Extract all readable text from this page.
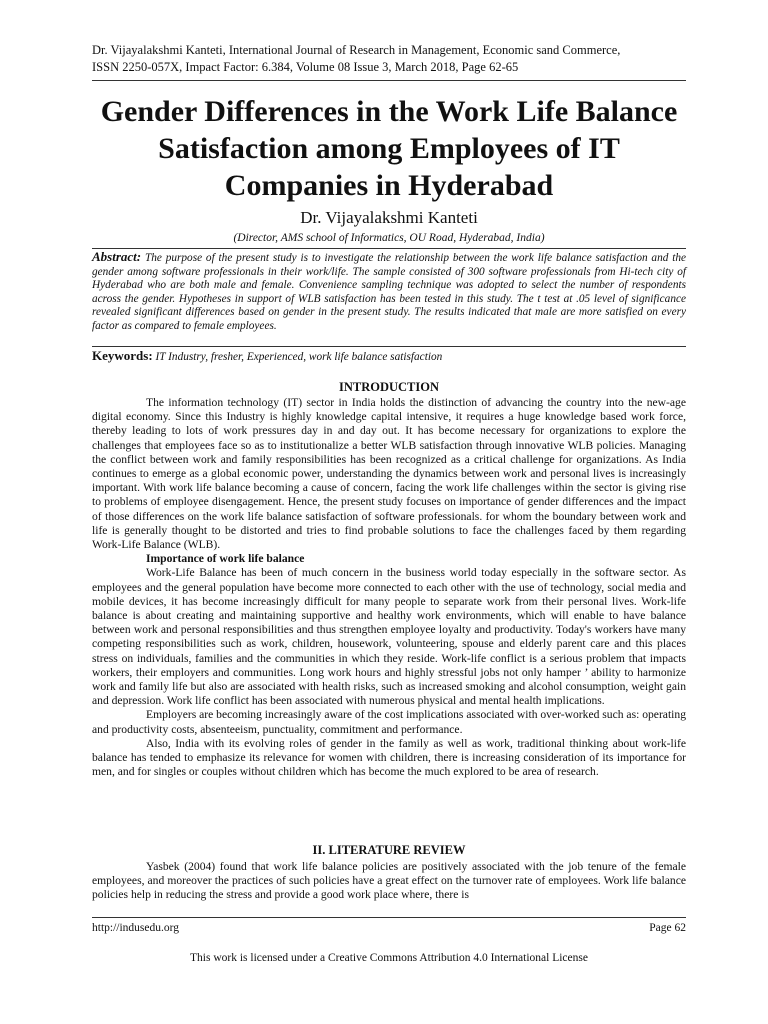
Dr. Vijayalakshmi Kanteti, International Journal of Research in Management, Economic sand Commerce,
ISSN 2250-057X, Impact Factor: 6.384, Volume 08 Issue 3, March 2018, Page 62-65
Gender Differences in the Work Life Balance Satisfaction among Employees of IT Companies in Hyderabad
Dr. Vijayalakshmi Kanteti
(Director, AMS school of Informatics, OU Road, Hyderabad, India)
Abstract: The purpose of the present study is to investigate the relationship between the work life balance satisfaction and the gender among software professionals in their work/life. The sample consisted of 300 software professionals from Hi-tech city of Hyderabad who are both male and female. Convenience sampling technique was adopted to select the number of respondents across the gender. Hypotheses in support of WLB satisfaction has been tested in this study. The t test at .05 level of significance revealed significant differences based on gender in the present study. The results indicated that male are more satisfied on every factor as compared to female employees.
Keywords: IT Industry, fresher, Experienced, work life balance satisfaction
INTRODUCTION

The information technology (IT) sector in India holds the distinction of advancing the country into the new-age digital economy. Since this Industry is highly knowledge capital intensive, it requires a huge knowledge based work force, thereby leading to lots of work pressures day in and day out. It has become necessary for organizations to explore the challenges that employees face so as to institutionalize a better WLB satisfaction through innovative WLB policies. Managing the conflict between work and family responsibilities has been recognized as a critical challenge for organizations. As India continues to emerge as a global economic power, understanding the dynamics between work and personal lives is increasingly important. With work life balance becoming a cause of concern, facing the work life challenges within the sector is giving rise to problems of employee disengagement. Hence, the present study focuses on importance of gender differences and the impact of those differences on the work life balance satisfaction of software professionals. for whom the boundary between work and life is generally thought to be distorted and tries to find probable solutions to face the challenges faced by them regarding Work-Life Balance (WLB).

Importance of work life balance

Work-Life Balance has been of much concern in the business world today especially in the software sector. As employees and the general population have become more connected to each other with the use of technology, social media and mobile devices, it has become increasingly difficult for many people to separate work from their personal lives. Work-life balance is about creating and maintaining supportive and healthy work environments, which will enable to have balance between work and personal responsibilities and thus strengthen employee loyalty and productivity. Today's workers have many competing responsibilities such as work, children, housework, volunteering, spouse and elderly parent care and this places stress on individuals, families and the communities in which they reside. Work-life conflict is a serious problem that impacts workers, their employers and communities. Long work hours and highly stressful jobs not only hamper ’ ability to harmonize work and family life but also are associated with health risks, such as increased smoking and alcohol consumption, weight gain and depression. Work life conflict has been associated with numerous physical and mental health implications.

Employers are becoming increasingly aware of the cost implications associated with over-worked such as: operating and productivity costs, absenteeism, punctuality, commitment and performance.

Also, India with its evolving roles of gender in the family as well as work, traditional thinking about work-life balance has tended to emphasize its relevance for women with children, there is increasing consideration of its importance for men, and for singles or couples without children which has become the much explored to be area of research.

II. LITERATURE REVIEW

Yasbek (2004) found that work life balance policies are positively associated with the job tenure of the female employees, and moreover the practices of such policies have a great effect on the turnover rate of employees. Work life balance policies help in reducing the stress and provide a good work place where, there is

http://indusedu.org	Page 62
This work is licensed under a Creative Commons Attribution 4.0 International License
